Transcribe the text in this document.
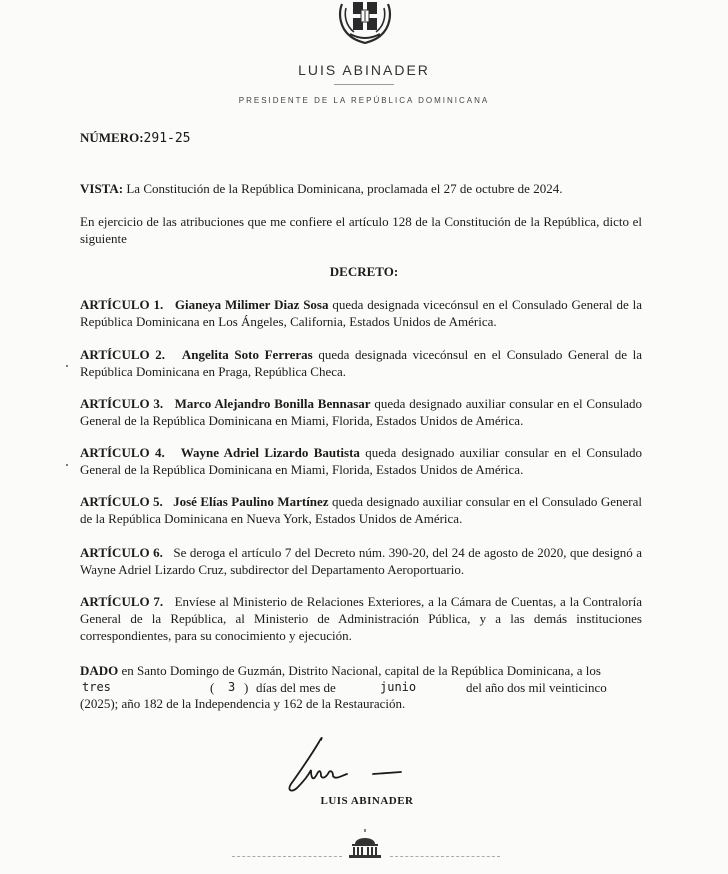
LUIS ABINADER
PRESIDENTE DE LA REPÚBLICA DOMINICANA
NÚMERO:291-25
VISTA: La Constitución de la República Dominicana, proclamada el 27 de octubre de 2024.
En ejercicio de las atribuciones que me confiere el artículo 128 de la Constitución de la República, dicto el siguiente
DECRETO:
ARTÍCULO 1. Gianeya Milimer Diaz Sosa queda designada vicecónsul en el Consulado General de la República Dominicana en Los Ángeles, California, Estados Unidos de América.
ARTÍCULO 2. Angelita Soto Ferreras queda designada vicecónsul en el Consulado General de la República Dominicana en Praga, República Checa.
ARTÍCULO 3. Marco Alejandro Bonilla Bennasar queda designado auxiliar consular en el Consulado General de la República Dominicana en Miami, Florida, Estados Unidos de América.
ARTÍCULO 4. Wayne Adriel Lizardo Bautista queda designado auxiliar consular en el Consulado General de la República Dominicana en Miami, Florida, Estados Unidos de América.
ARTÍCULO 5. José Elías Paulino Martínez queda designado auxiliar consular en el Consulado General de la República Dominicana en Nueva York, Estados Unidos de América.
ARTÍCULO 6.   Se deroga el artículo 7 del Decreto núm. 390-20, del 24 de agosto de 2020, que designó a Wayne Adriel Lizardo Cruz, subdirector del Departamento Aeroportuario.
ARTÍCULO 7.   Envíese al Ministerio de Relaciones Exteriores, a la Cámara de Cuentas, a la Contraloría General de la República, al Ministerio de Administración Pública, y a las demás instituciones correspondientes, para su conocimiento y ejecución.
DADO en Santo Domingo de Guzmán, Distrito Nacional, capital de la República Dominicana, a los
tres	( 3 ) días del mes de	junio	del año dos mil veinticinco
(2025); año 182 de la Independencia y 162 de la Restauración.
LUIS ABINADER
